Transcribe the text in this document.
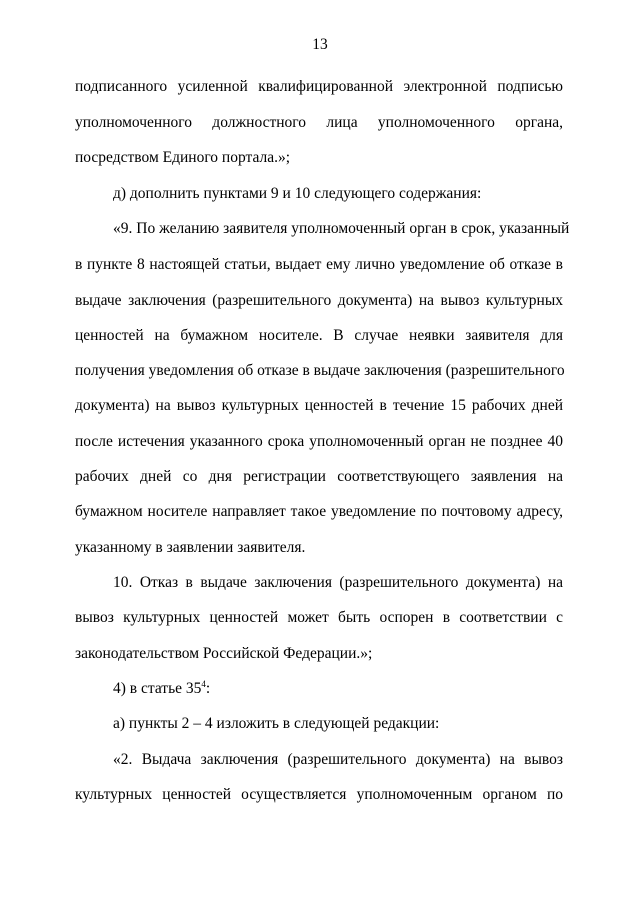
13
подписанного усиленной квалифицированной электронной подписью
уполномоченного должностного лица уполномоченного органа,
посредством Единого портала.»;
д) дополнить пунктами 9 и 10 следующего содержания:
«9. По желанию заявителя уполномоченный орган в срок, указанный
в пункте 8 настоящей статьи, выдает ему лично уведомление об отказе в
выдаче заключения (разрешительного документа) на вывоз культурных
ценностей на бумажном носителе. В случае неявки заявителя для
получения уведомления об отказе в выдаче заключения (разрешительного
документа) на вывоз культурных ценностей в течение 15 рабочих дней
после истечения указанного срока уполномоченный орган не позднее 40
рабочих дней со дня регистрации соответствующего заявления на
бумажном носителе направляет такое уведомление по почтовому адресу,
указанному в заявлении заявителя.
10. Отказ в выдаче заключения (разрешительного документа) на
вывоз культурных ценностей может быть оспорен в соответствии с
законодательством Российской Федерации.»;
4) в статье $35^4$:
а) пункты 2 – 4 изложить в следующей редакции:
«2. Выдача заключения (разрешительного документа) на вывоз
культурных ценностей осуществляется уполномоченным органом по
